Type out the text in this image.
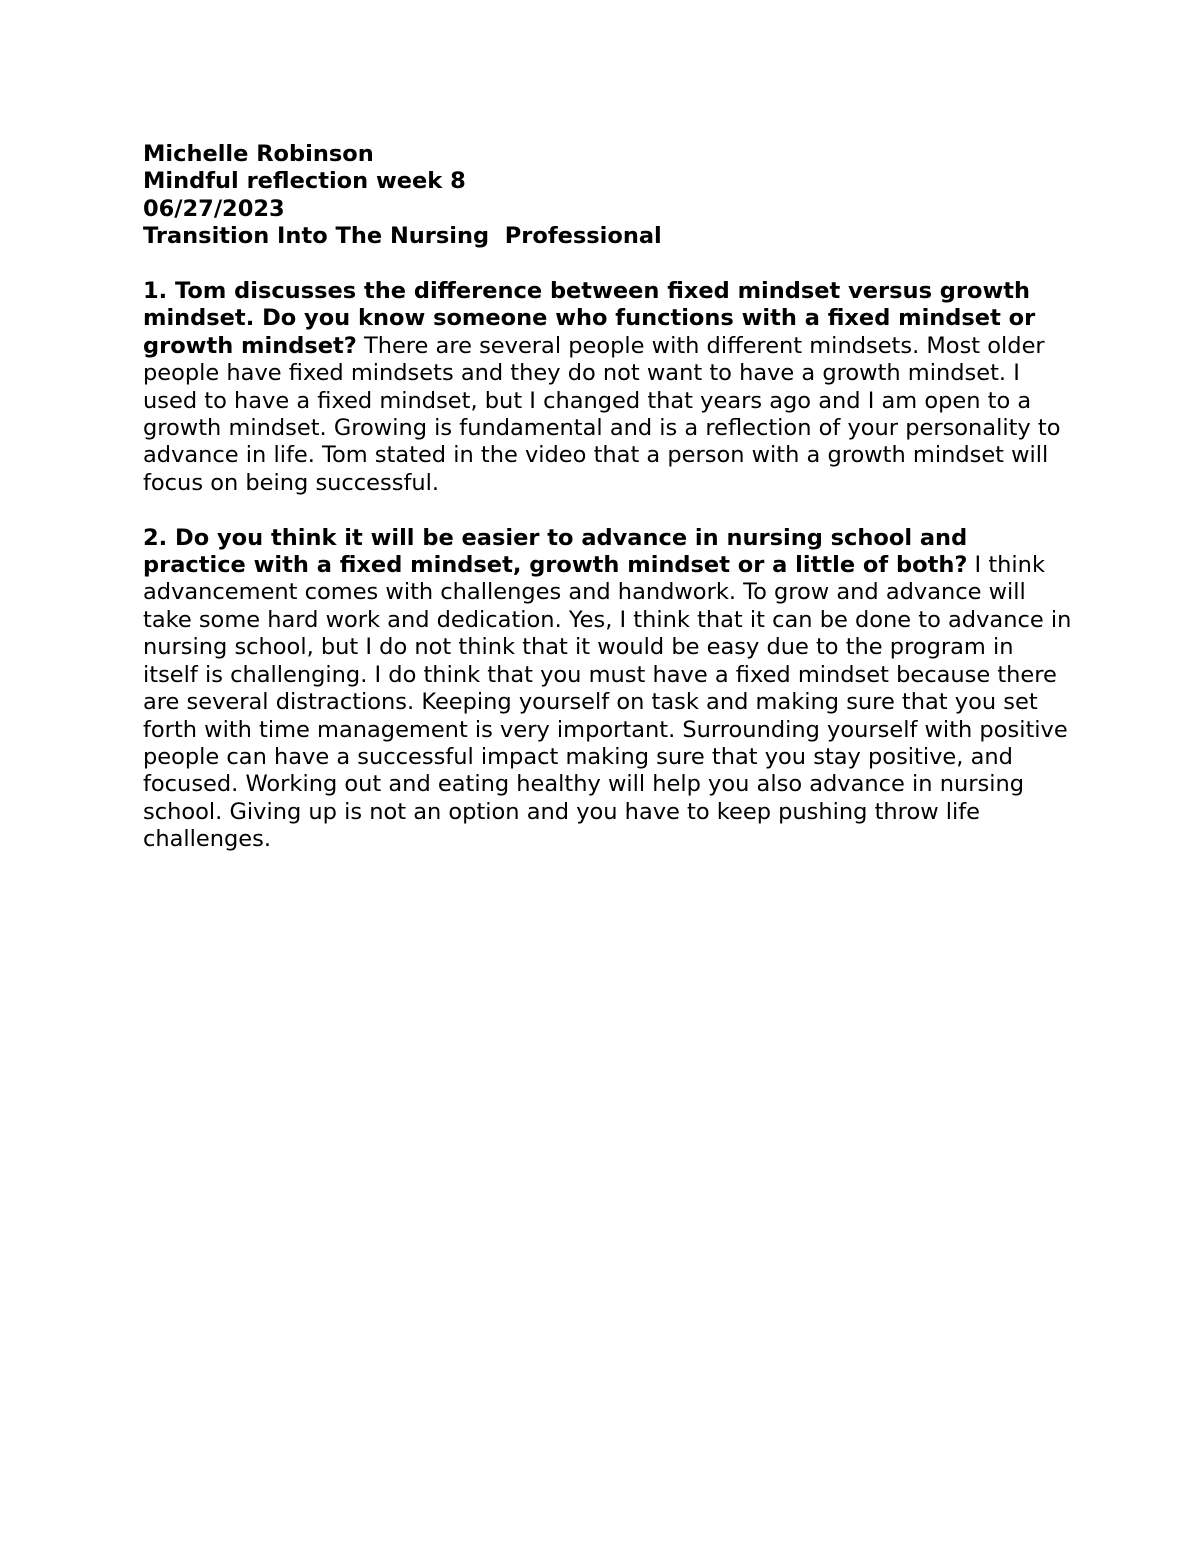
Michelle Robinson
Mindful reflection week 8
06/27/2023
Transition Into The Nursing  Professional

1. Tom discusses the difference between fixed mindset versus growth mindset. Do you know someone who functions with a fixed mindset or growth mindset? There are several people with different mindsets. Most older people have fixed mindsets and they do not want to have a growth mindset. I used to have a fixed mindset, but I changed that years ago and I am open to a growth mindset. Growing is fundamental and is a reflection of your personality to advance in life. Tom stated in the video that a person with a growth mindset will focus on being successful.

2. Do you think it will be easier to advance in nursing school and practice with a fixed mindset, growth mindset or a little of both? I think advancement comes with challenges and handwork. To grow and advance will take some hard work and dedication. Yes, I think that it can be done to advance in nursing school, but I do not think that it would be easy due to the program in itself is challenging. I do think that you must have a fixed mindset because there are several distractions. Keeping yourself on task and making sure that you set forth with time management is very important. Surrounding yourself with positive people can have a successful impact making sure that you stay positive, and focused. Working out and eating healthy will help you also advance in nursing school. Giving up is not an option and you have to keep pushing throw life challenges.
